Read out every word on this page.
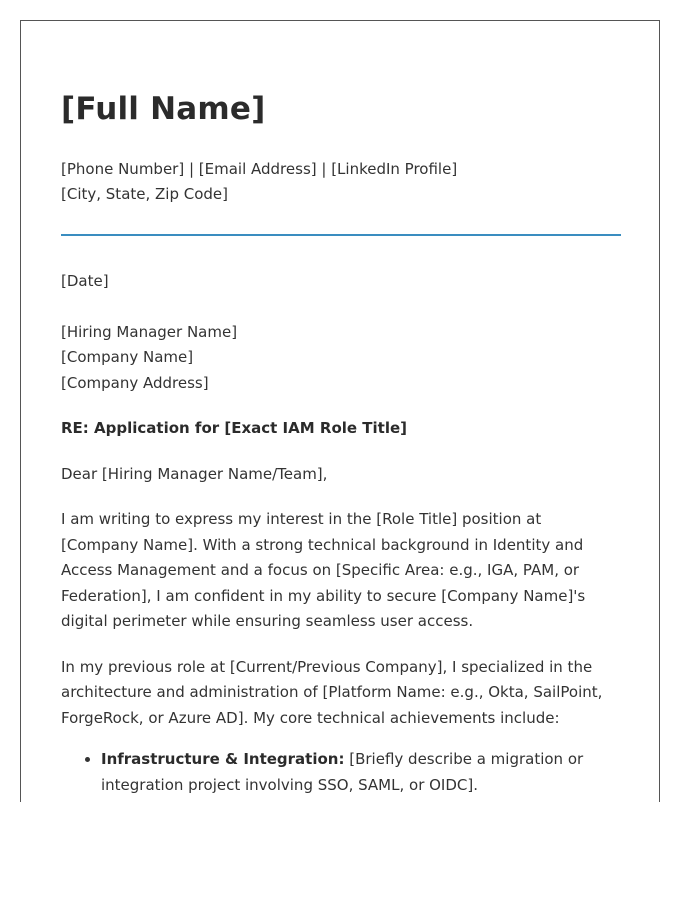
[Full Name]
[Phone Number] | [Email Address] | [LinkedIn Profile]
[City, State, Zip Code]

[Date]

[Hiring Manager Name]

[Company Name]

[Company Address]

RE: Application for [Exact IAM Role Title]

Dear [Hiring Manager Name/Team],

I am writing to express my interest in the [Role Title] position at [Company Name]. With a strong technical background in Identity and Access Management and a focus on [Specific Area: e.g., IGA, PAM, or Federation], I am confident in my ability to secure [Company Name]'s digital perimeter while ensuring seamless user access.

In my previous role at [Current/Previous Company], I specialized in the architecture and administration of [Platform Name: e.g., Okta, SailPoint, ForgeRock, or Azure AD]. My core technical achievements include:

• Infrastructure & Integration: [Briefly describe a migration or integration project involving SSO, SAML, or OIDC].
